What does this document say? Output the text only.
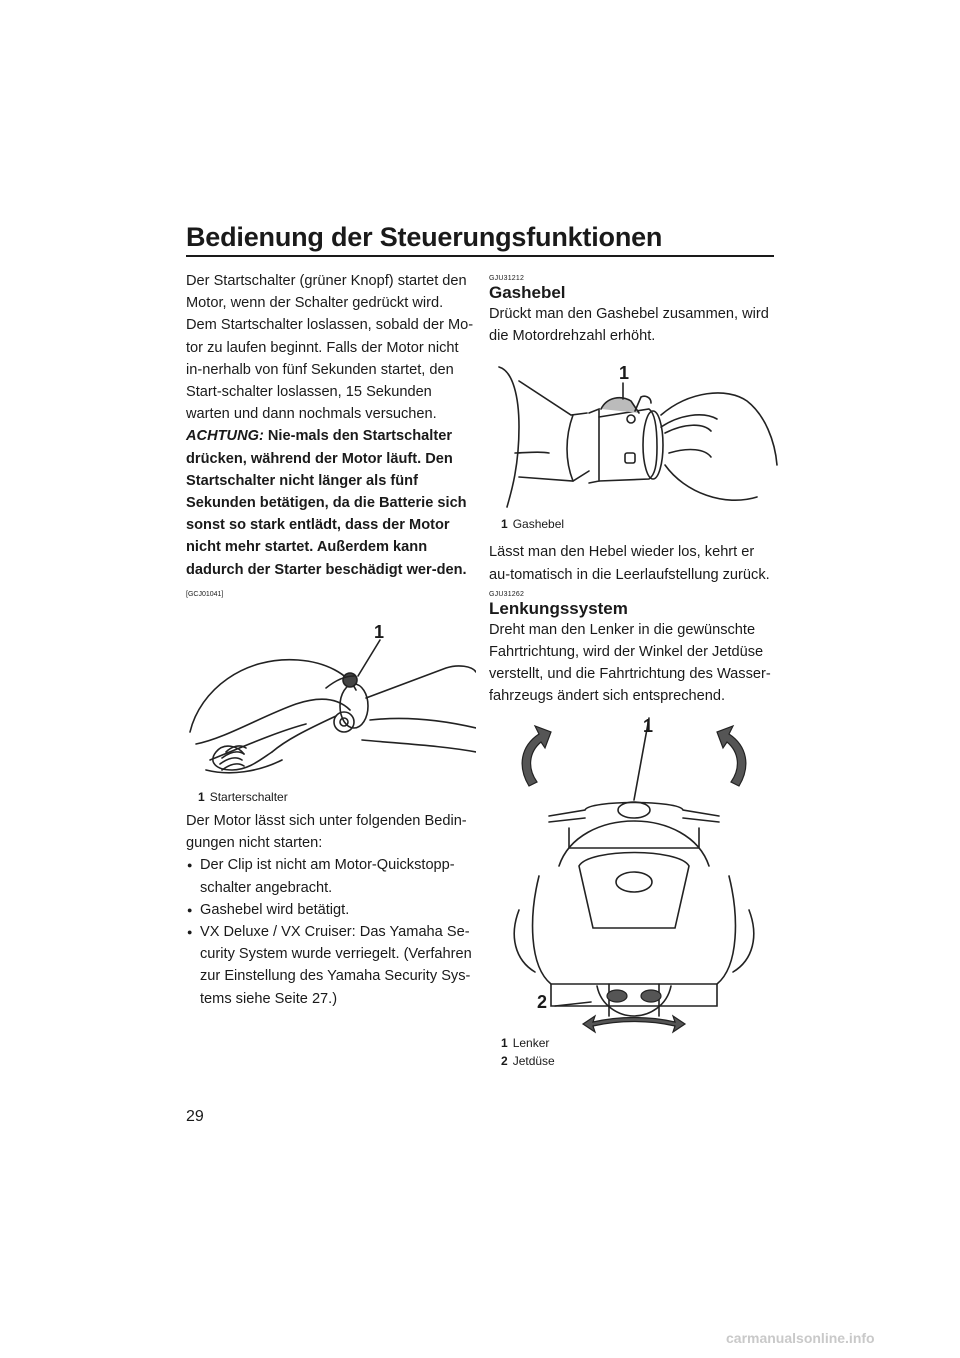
Bedienung der Steuerungsfunktionen

Der Startschalter (grüner Knopf) startet den Motor, wenn der Schalter gedrückt wird. Dem Startschalter loslassen, sobald der Mo-tor zu laufen beginnt. Falls der Motor nicht in-nerhalb von fünf Sekunden startet, den Start-schalter loslassen, 15 Sekunden warten und dann nochmals versuchen. ACHTUNG: Nie-mals den Startschalter drücken, während der Motor läuft. Den Startschalter nicht länger als fünf Sekunden betätigen, da die Batterie sich sonst so stark entlädt, dass der Motor nicht mehr startet. Außerdem kann dadurch der Starter beschädigt wer-den. [GCJ01041]

1
1 Starterschalter

Der Motor lässt sich unter folgenden Bedin-gungen nicht starten:

● Der Clip ist nicht am Motor-Quickstopp-schalter angebracht.
● Gashebel wird betätigt.
● VX Deluxe / VX Cruiser: Das Yamaha Se-curity System wurde verriegelt. (Verfahren zur Einstellung des Yamaha Security Sys-tems siehe Seite 27.)
GJU31212
Gashebel

Drückt man den Gashebel zusammen, wird die Motordrehzahl erhöht.

1
1 Gashebel

Lässt man den Hebel wieder los, kehrt er au-tomatisch in die Leerlaufstellung zurück.

GJU31262
Lenkungssystem

Dreht man den Lenker in die gewünschte Fahrtrichtung, wird der Winkel der Jetdüse verstellt, und die Fahrtrichtung des Wasser-fahrzeugs ändert sich entsprechend.

1
2
1 Lenker
2 Jetdüse
29
carmanualsonline.info
